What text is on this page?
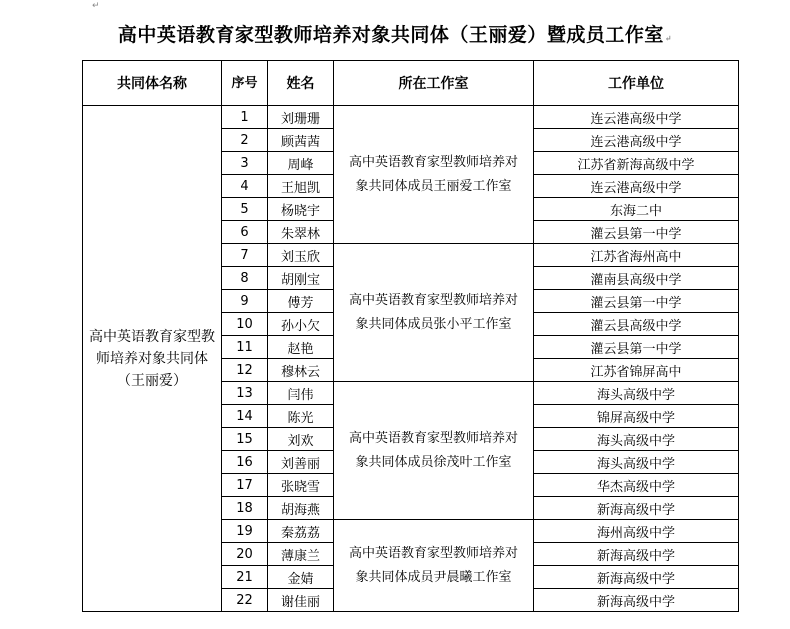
↵
高中英语教育家型教师培养对象共同体（王丽爱）暨成员工作室↵
共同体名称	序号	姓名	所在工作室	工作单位
高中英语教育家型教师培养对象共同体（王丽爱）	1	刘珊珊	高中英语教育家型教师培养对象共同体成员王丽爱工作室	连云港高级中学
	2	顾茜茜		连云港高级中学
	3	周峰		江苏省新海高级中学
	4	王旭凯		连云港高级中学
	5	杨晓宇		东海二中
	6	朱翠林		灌云县第一中学
	7	刘玉欣	高中英语教育家型教师培养对象共同体成员张小平工作室	江苏省海州高中
	8	胡刚宝		灌南县高级中学
	9	傅芳		灌云县第一中学
	10	孙小欠		灌云县高级中学
	11	赵艳		灌云县第一中学
	12	穆林云		江苏省锦屏高中
	13	闫伟	高中英语教育家型教师培养对象共同体成员徐茂叶工作室	海头高级中学
	14	陈光		锦屏高级中学
	15	刘欢		海头高级中学
	16	刘善丽		海头高级中学
	17	张晓雪		华杰高级中学
	18	胡海燕		新海高级中学
	19	秦荔荔	高中英语教育家型教师培养对象共同体成员尹晨曦工作室	海州高级中学
	20	薄康兰		新海高级中学
	21	金婧		新海高级中学
	22	谢佳丽		新海高级中学
